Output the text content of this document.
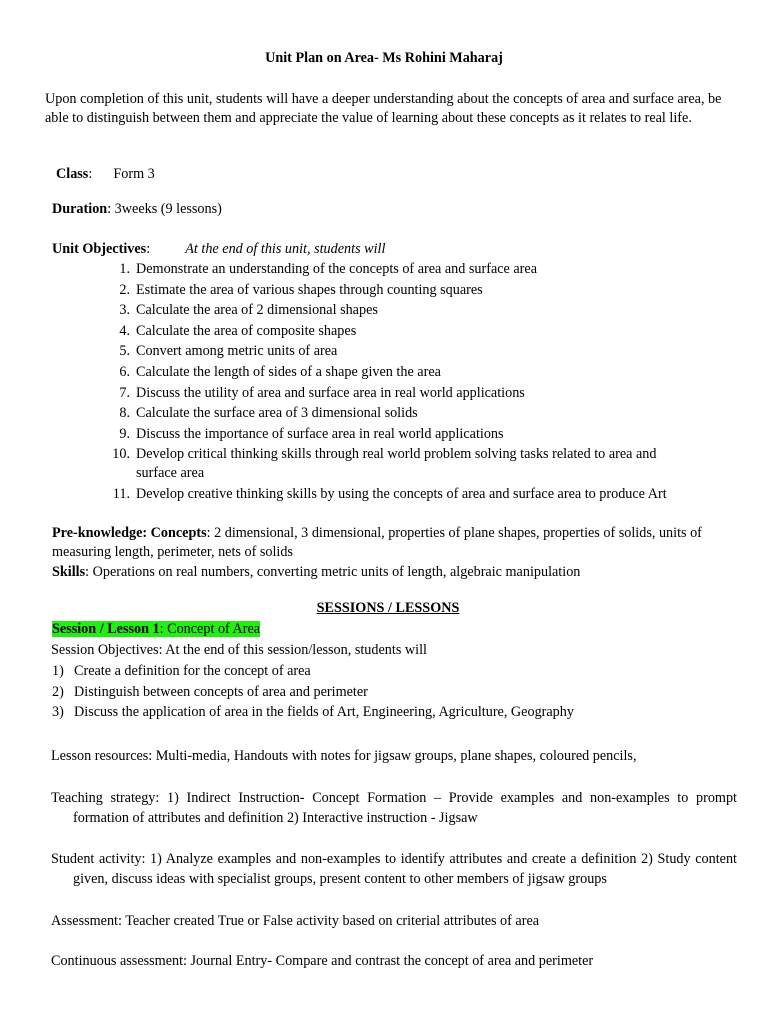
Unit Plan on Area- Ms Rohini Maharaj
Upon completion of this unit, students will have a deeper understanding about the concepts of area and surface area, be able to distinguish between them and appreciate the value of learning about these concepts as it relates to real life.
Class: Form 3
Duration: 3weeks (9 lessons)
Unit Objectives: At the end of this unit, students will
1. Demonstrate an understanding of the concepts of area and surface area
2. Estimate the area of various shapes through counting squares
3. Calculate the area of 2 dimensional shapes
4. Calculate the area of composite shapes
5. Convert among metric units of area
6. Calculate the length of sides of a shape given the area
7. Discuss the utility of area and surface area in real world applications
8. Calculate the surface area of 3 dimensional solids
9. Discuss the importance of surface area in real world applications
10. Develop critical thinking skills through real world problem solving tasks related to area and surface area
11. Develop creative thinking skills by using the concepts of area and surface area to produce Art
Pre-knowledge: Concepts: 2 dimensional, 3 dimensional, properties of plane shapes, properties of solids, units of measuring length, perimeter, nets of solids
Skills: Operations on real numbers, converting metric units of length, algebraic manipulation
SESSIONS / LESSONS
Session / Lesson 1: Concept of Area
Session Objectives: At the end of this session/lesson, students will
1) Create a definition for the concept of area
2) Distinguish between concepts of area and perimeter
3) Discuss the application of area in the fields of Art, Engineering, Agriculture, Geography
Lesson resources: Multi-media, Handouts with notes for jigsaw groups, plane shapes, coloured pencils,
Teaching strategy: 1) Indirect Instruction- Concept Formation – Provide examples and non-examples to prompt formation of attributes and definition 2) Interactive instruction - Jigsaw
Student activity: 1) Analyze examples and non-examples to identify attributes and create a definition 2) Study content given, discuss ideas with specialist groups, present content to other members of jigsaw groups
Assessment: Teacher created True or False activity based on criterial attributes of area
Continuous assessment: Journal Entry- Compare and contrast the concept of area and perimeter
